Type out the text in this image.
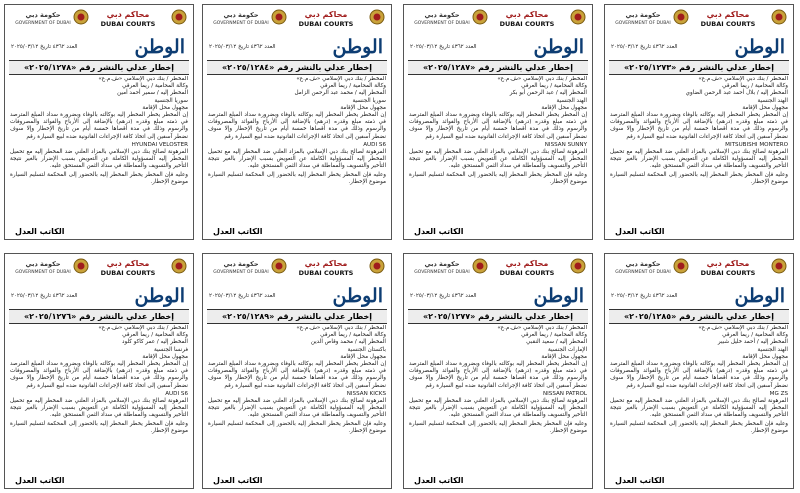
محاكم دبي
DUBAI COURTS
حكومة دبي
GOVERNMENT OF DUBAI
الوطن
العدد ٤٣٦٢ تاريخ ٢٠٢٥/٠٣/١٢
إخطار عدلي بالنشر رقم «٢٠٢٥/١٢٧٣»
المخطر / بنك دبي الإسلامي «ش.م.ع»
وكالة المحامية / ريما العرقي
المخطر إليه / بلال أحمد عبد الرحمن الضاوي
الهند الجنسية
مجهول محل الإقامة

إن المخطر يخطر المخطر إليه بوكالته بالوفاء وبضرورة سداد المبلغ المترصد في ذمته مبلغ وقدره (درهم) بالإضافة إلى الأرباح والفوائد والمصروفات والرسوم وذلك في مدة أقصاها خمسة أيام من تاريخ الإخطار وإلا سوف نضطر آسفين إلى اتخاذ كافة الإجراءات القانونية ضده لبيع السيارة رقم

MITSUBISHI MONTERO

المرهونة لصالح بنك دبي الإسلامي بالمزاد العلني ضد المخطر إليه مع تحميل المخطر إليه المسؤولية الكاملة عن التعويض بسبب الإضرار بالغير نتيجة التأخير والتسويف والمماطلة في سداد الثمن المستحق عليه.

وعليه فإن المخطر يخطر المخطر إليه بالحضور إلى المحكمة لتسليم السيارة موضوع الإخطار.

الكاتب العدل
محاكم دبي
DUBAI COURTS
حكومة دبي
GOVERNMENT OF DUBAI
الوطن
العدد ٤٣٦٢ تاريخ ٢٠٢٥/٠٣/١٢
إخطار عدلي بالنشر رقم «٢٠٢٥/١٢٨٧»
المخطر / بنك دبي الإسلامي «ش.م.ع»
وكالة المحامية / ريما العرقي
المخطر إليه / عبد الرحمن أبو بكر
الهند الجنسية
مجهول محل الإقامة

إن المخطر يخطر المخطر إليه بوكالته بالوفاء وبضرورة سداد المبلغ المترصد في ذمته مبلغ وقدره (درهم) بالإضافة إلى الأرباح والفوائد والمصروفات والرسوم وذلك في مدة أقصاها خمسة أيام من تاريخ الإخطار وإلا سوف نضطر آسفين إلى اتخاذ كافة الإجراءات القانونية ضده لبيع السيارة رقم

NISSAN SUNNY

المرهونة لصالح بنك دبي الإسلامي بالمزاد العلني ضد المخطر إليه مع تحميل المخطر إليه المسؤولية الكاملة عن التعويض بسبب الإضرار بالغير نتيجة التأخير والتسويف والمماطلة في سداد الثمن المستحق عليه.

وعليه فإن المخطر يخطر المخطر إليه بالحضور إلى المحكمة لتسليم السيارة موضوع الإخطار.

الكاتب العدل
محاكم دبي
DUBAI COURTS
حكومة دبي
GOVERNMENT OF DUBAI
الوطن
العدد ٤٣٦٢ تاريخ ٢٠٢٥/٠٣/١٢
إخطار عدلي بالنشر رقم «٢٠٢٥/١٢٨٤»
المخطر / بنك دبي الإسلامي «ش.م.ع»
وكالة المحامية / ريما العرقي
المخطر إليه / محمد عبد الرحمن الزامل
سوريا الجنسية
مجهول محل الإقامة

إن المخطر يخطر المخطر إليه بوكالته بالوفاء وبضرورة سداد المبلغ المترصد في ذمته مبلغ وقدره (درهم) بالإضافة إلى الأرباح والفوائد والمصروفات والرسوم وذلك في مدة أقصاها خمسة أيام من تاريخ الإخطار وإلا سوف نضطر آسفين إلى اتخاذ كافة الإجراءات القانونية ضده لبيع السيارة رقم

AUDI S6

المرهونة لصالح بنك دبي الإسلامي بالمزاد العلني ضد المخطر إليه مع تحميل المخطر إليه المسؤولية الكاملة عن التعويض بسبب الإضرار بالغير نتيجة التأخير والتسويف والمماطلة في سداد الثمن المستحق عليه.

وعليه فإن المخطر يخطر المخطر إليه بالحضور إلى المحكمة لتسليم السيارة موضوع الإخطار.

الكاتب العدل
محاكم دبي
DUBAI COURTS
حكومة دبي
GOVERNMENT OF DUBAI
الوطن
العدد ٤٣٦٢ تاريخ ٢٠٢٥/٠٣/١٢
إخطار عدلي بالنشر رقم «٢٠٢٥/١٢٧٨»
المخطر / بنك دبي الإسلامي «ش.م.ع»
وكالة المحامية / ريما العرقي
المخطر إليه / سمير أحمد أمين
سوريا الجنسية
مجهول محل الإقامة

إن المخطر يخطر المخطر إليه بوكالته بالوفاء وبضرورة سداد المبلغ المترصد في ذمته مبلغ وقدره (درهم) بالإضافة إلى الأرباح والفوائد والمصروفات والرسوم وذلك في مدة أقصاها خمسة أيام من تاريخ الإخطار وإلا سوف نضطر آسفين إلى اتخاذ كافة الإجراءات القانونية ضده لبيع السيارة رقم

HYUNDAI VELOSTER

المرهونة لصالح بنك دبي الإسلامي بالمزاد العلني ضد المخطر إليه مع تحميل المخطر إليه المسؤولية الكاملة عن التعويض بسبب الإضرار بالغير نتيجة التأخير والتسويف والمماطلة في سداد الثمن المستحق عليه.

وعليه فإن المخطر يخطر المخطر إليه بالحضور إلى المحكمة لتسليم السيارة موضوع الإخطار.

الكاتب العدل
محاكم دبي
DUBAI COURTS
حكومة دبي
GOVERNMENT OF DUBAI
الوطن
العدد ٤٣٦٢ تاريخ ٢٠٢٥/٠٣/١٢
إخطار عدلي بالنشر رقم «٢٠٢٥/١٢٨٥»
المخطر / بنك دبي الإسلامي «ش.م.ع»
وكالة المحامية / ريما العرقي
المخطر إليه / أحمد خليل شبير
الهند الجنسية
مجهول محل الإقامة

إن المخطر يخطر المخطر إليه بوكالته بالوفاء وبضرورة سداد المبلغ المترصد في ذمته مبلغ وقدره (درهم) بالإضافة إلى الأرباح والفوائد والمصروفات والرسوم وذلك في مدة أقصاها خمسة أيام من تاريخ الإخطار وإلا سوف نضطر آسفين إلى اتخاذ كافة الإجراءات القانونية ضده لبيع السيارة رقم

MG ZS

المرهونة لصالح بنك دبي الإسلامي بالمزاد العلني ضد المخطر إليه مع تحميل المخطر إليه المسؤولية الكاملة عن التعويض بسبب الإضرار بالغير نتيجة التأخير والتسويف والمماطلة في سداد الثمن المستحق عليه.

وعليه فإن المخطر يخطر المخطر إليه بالحضور إلى المحكمة لتسليم السيارة موضوع الإخطار.

الكاتب العدل
محاكم دبي
DUBAI COURTS
حكومة دبي
GOVERNMENT OF DUBAI
الوطن
العدد ٤٣٦٢ تاريخ ٢٠٢٥/٠٣/١٢
إخطار عدلي بالنشر رقم «٢٠٢٥/١٢٧٧»
المخطر / بنك دبي الإسلامي «ش.م.ع»
وكالة المحامية / ريما العرقي
المخطر إليه / سعيد النقبي
الإمارات الجنسية
مجهول محل الإقامة

إن المخطر يخطر المخطر إليه بوكالته بالوفاء وبضرورة سداد المبلغ المترصد في ذمته مبلغ وقدره (درهم) بالإضافة إلى الأرباح والفوائد والمصروفات والرسوم وذلك في مدة أقصاها خمسة أيام من تاريخ الإخطار وإلا سوف نضطر آسفين إلى اتخاذ كافة الإجراءات القانونية ضده لبيع السيارة رقم

NISSAN PATROL

المرهونة لصالح بنك دبي الإسلامي بالمزاد العلني ضد المخطر إليه مع تحميل المخطر إليه المسؤولية الكاملة عن التعويض بسبب الإضرار بالغير نتيجة التأخير والتسويف والمماطلة في سداد الثمن المستحق عليه.

وعليه فإن المخطر يخطر المخطر إليه بالحضور إلى المحكمة لتسليم السيارة موضوع الإخطار.

الكاتب العدل
محاكم دبي
DUBAI COURTS
حكومة دبي
GOVERNMENT OF DUBAI
الوطن
العدد ٤٣٦٢ تاريخ ٢٠٢٥/٠٣/١٢
إخطار عدلي بالنشر رقم «٢٠٢٥/١٢٨٩»
المخطر / بنك دبي الإسلامي «ش.م.ع»
وكالة المحامية / ريما العرقي
المخطر إليه / محمد وقاص الدين
باكستان الجنسية
مجهول محل الإقامة

إن المخطر يخطر المخطر إليه بوكالته بالوفاء وبضرورة سداد المبلغ المترصد في ذمته مبلغ وقدره (درهم) بالإضافة إلى الأرباح والفوائد والمصروفات والرسوم وذلك في مدة أقصاها خمسة أيام من تاريخ الإخطار وإلا سوف نضطر آسفين إلى اتخاذ كافة الإجراءات القانونية ضده لبيع السيارة رقم

NISSAN KICKS

المرهونة لصالح بنك دبي الإسلامي بالمزاد العلني ضد المخطر إليه مع تحميل المخطر إليه المسؤولية الكاملة عن التعويض بسبب الإضرار بالغير نتيجة التأخير والتسويف والمماطلة في سداد الثمن المستحق عليه.

وعليه فإن المخطر يخطر المخطر إليه بالحضور إلى المحكمة لتسليم السيارة موضوع الإخطار.

الكاتب العدل
محاكم دبي
DUBAI COURTS
حكومة دبي
GOVERNMENT OF DUBAI
الوطن
العدد ٤٣٦٢ تاريخ ٢٠٢٥/٠٣/١٢
إخطار عدلي بالنشر رقم «٢٠٢٥/١٢٧٦»
المخطر / بنك دبي الإسلامي «ش.م.ع»
وكالة المحامية / ريما العرقي
المخطر إليه / عمر كاكو كلود
فرنسا الجنسية
مجهول محل الإقامة

إن المخطر يخطر المخطر إليه بوكالته بالوفاء وبضرورة سداد المبلغ المترصد في ذمته مبلغ وقدره (درهم) بالإضافة إلى الأرباح والفوائد والمصروفات والرسوم وذلك في مدة أقصاها خمسة أيام من تاريخ الإخطار وإلا سوف نضطر آسفين إلى اتخاذ كافة الإجراءات القانونية ضده لبيع السيارة رقم

AUDI S6

المرهونة لصالح بنك دبي الإسلامي بالمزاد العلني ضد المخطر إليه مع تحميل المخطر إليه المسؤولية الكاملة عن التعويض بسبب الإضرار بالغير نتيجة التأخير والتسويف والمماطلة في سداد الثمن المستحق عليه.

وعليه فإن المخطر يخطر المخطر إليه بالحضور إلى المحكمة لتسليم السيارة موضوع الإخطار.

الكاتب العدل
